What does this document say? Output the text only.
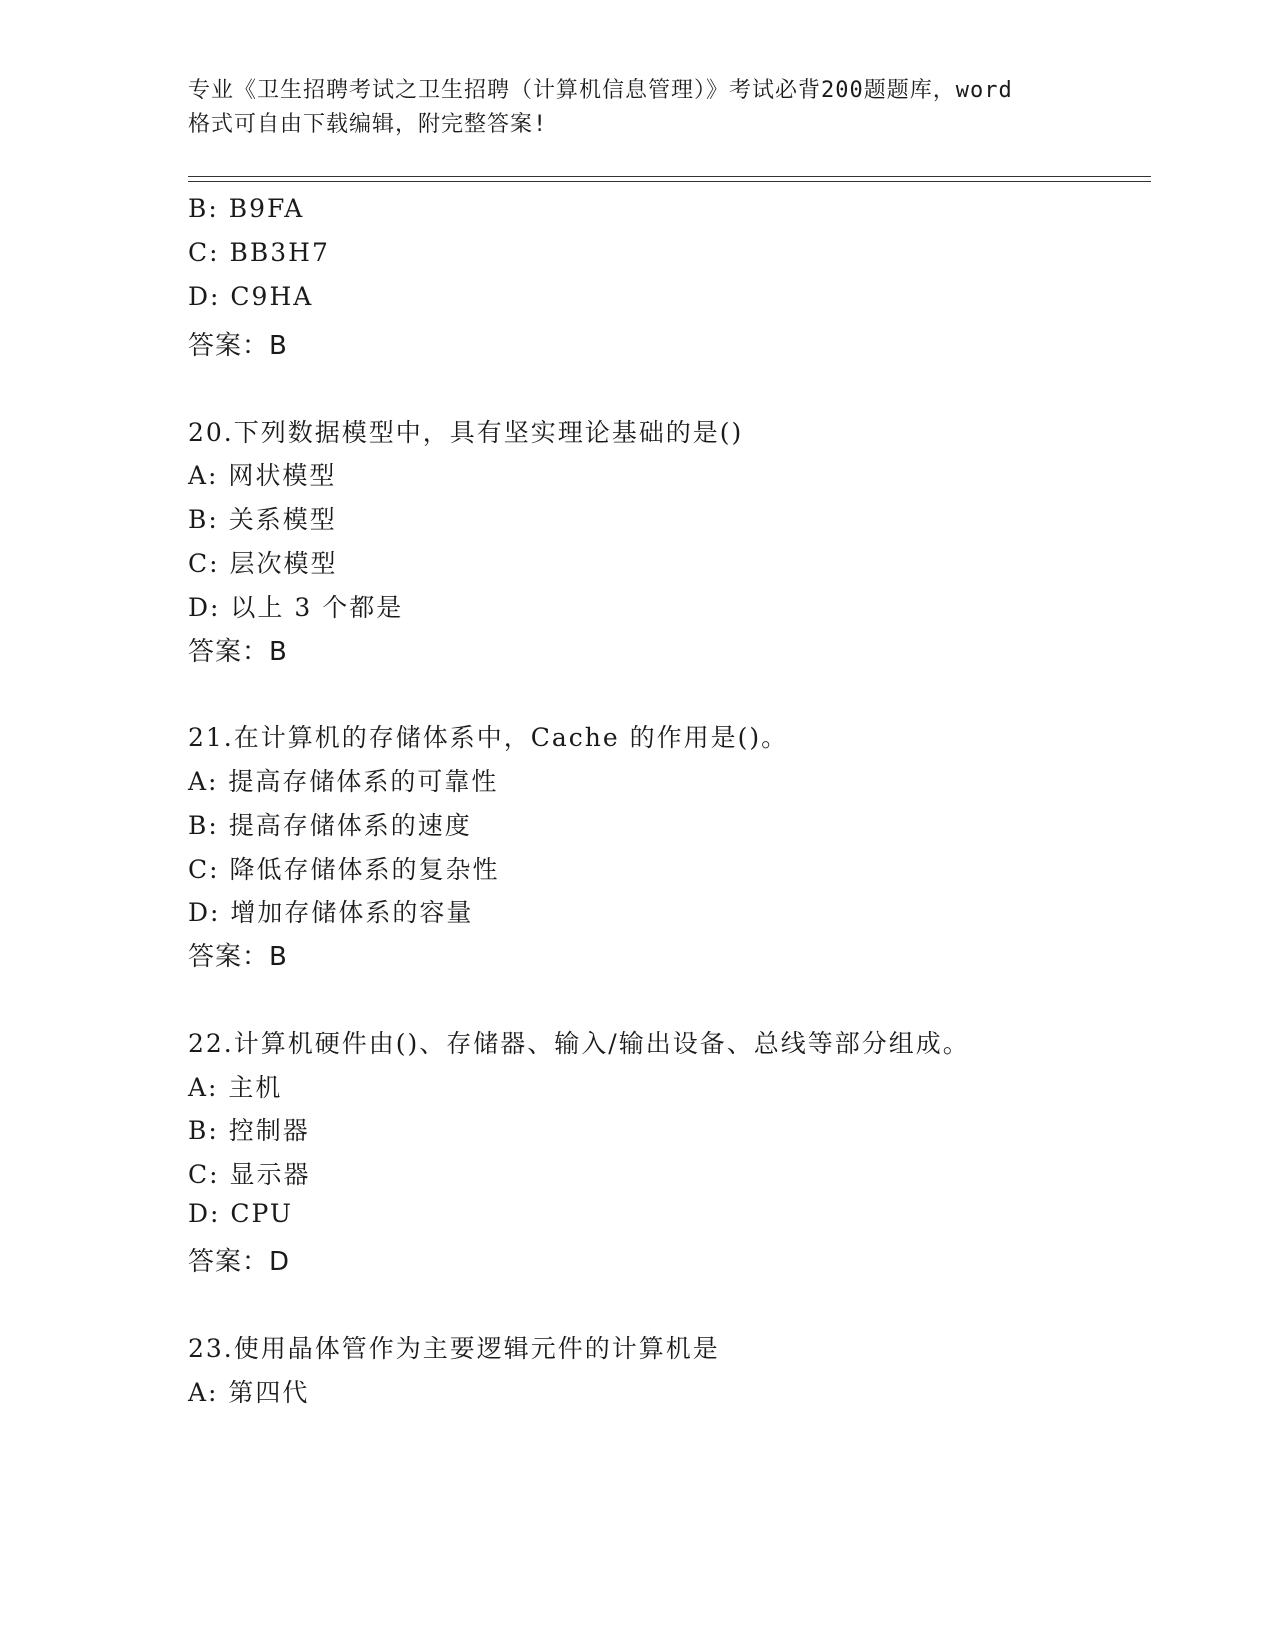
专业《卫生招聘考试之卫生招聘（计算机信息管理）》考试必背200题题库，word
格式可自由下载编辑，附完整答案!
B: B9FA
C: BB3H7
D: C9HA
答案：B
20.下列数据模型中，具有坚实理论基础的是()
A: 网状模型
B: 关系模型
C: 层次模型
D: 以上 3 个都是
答案：B
21.在计算机的存储体系中，Cache 的作用是()。
A: 提高存储体系的可靠性
B: 提高存储体系的速度
C: 降低存储体系的复杂性
D: 增加存储体系的容量
答案：B
22.计算机硬件由()、存储器、输入/输出设备、总线等部分组成。
A: 主机
B: 控制器
C: 显示器
D: CPU
答案：D
23.使用晶体管作为主要逻辑元件的计算机是
A: 第四代
